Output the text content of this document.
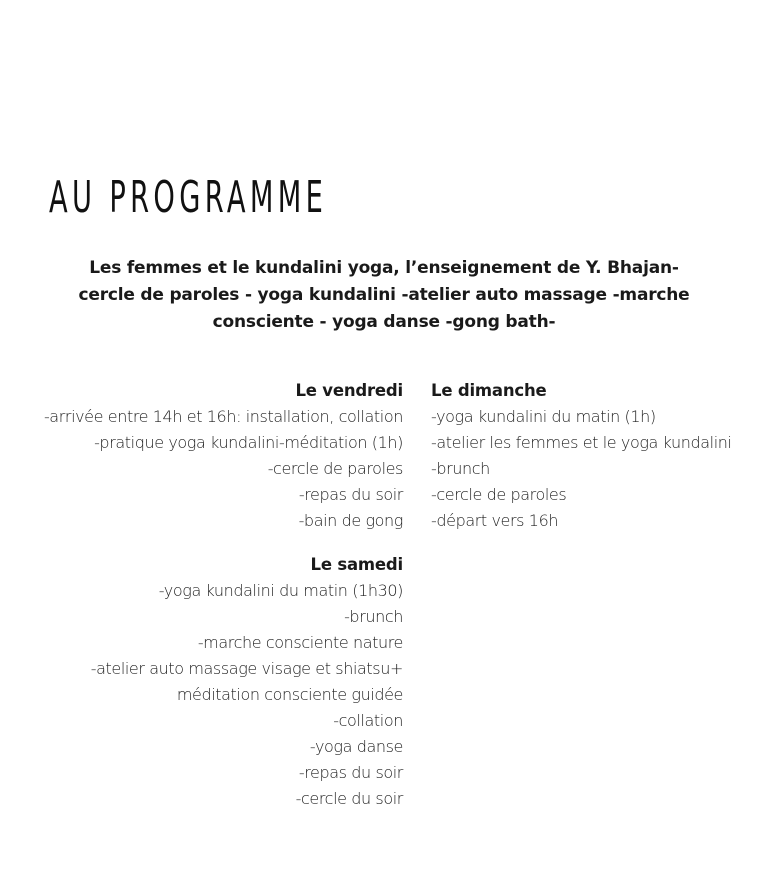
AU PROGRAMME
Les femmes et le kundalini yoga, l’enseignement de Y. Bhajan-
cercle de paroles - yoga kundalini -atelier auto massage -marche
consciente - yoga danse -gong bath-
Le vendredi
-arrivée entre 14h et 16h: installation, collation
-pratique yoga kundalini-méditation (1h)
-cercle de paroles
-repas du soir
-bain de gong
Le samedi
-yoga kundalini du matin (1h30)
-brunch
-marche consciente nature
-atelier auto massage visage et shiatsu+
méditation consciente guidée
-collation
-yoga danse
-repas du soir
-cercle du soir
Le dimanche
-yoga kundalini du matin (1h)
-atelier les femmes et le yoga kundalini
-brunch
-cercle de paroles
-départ vers 16h
